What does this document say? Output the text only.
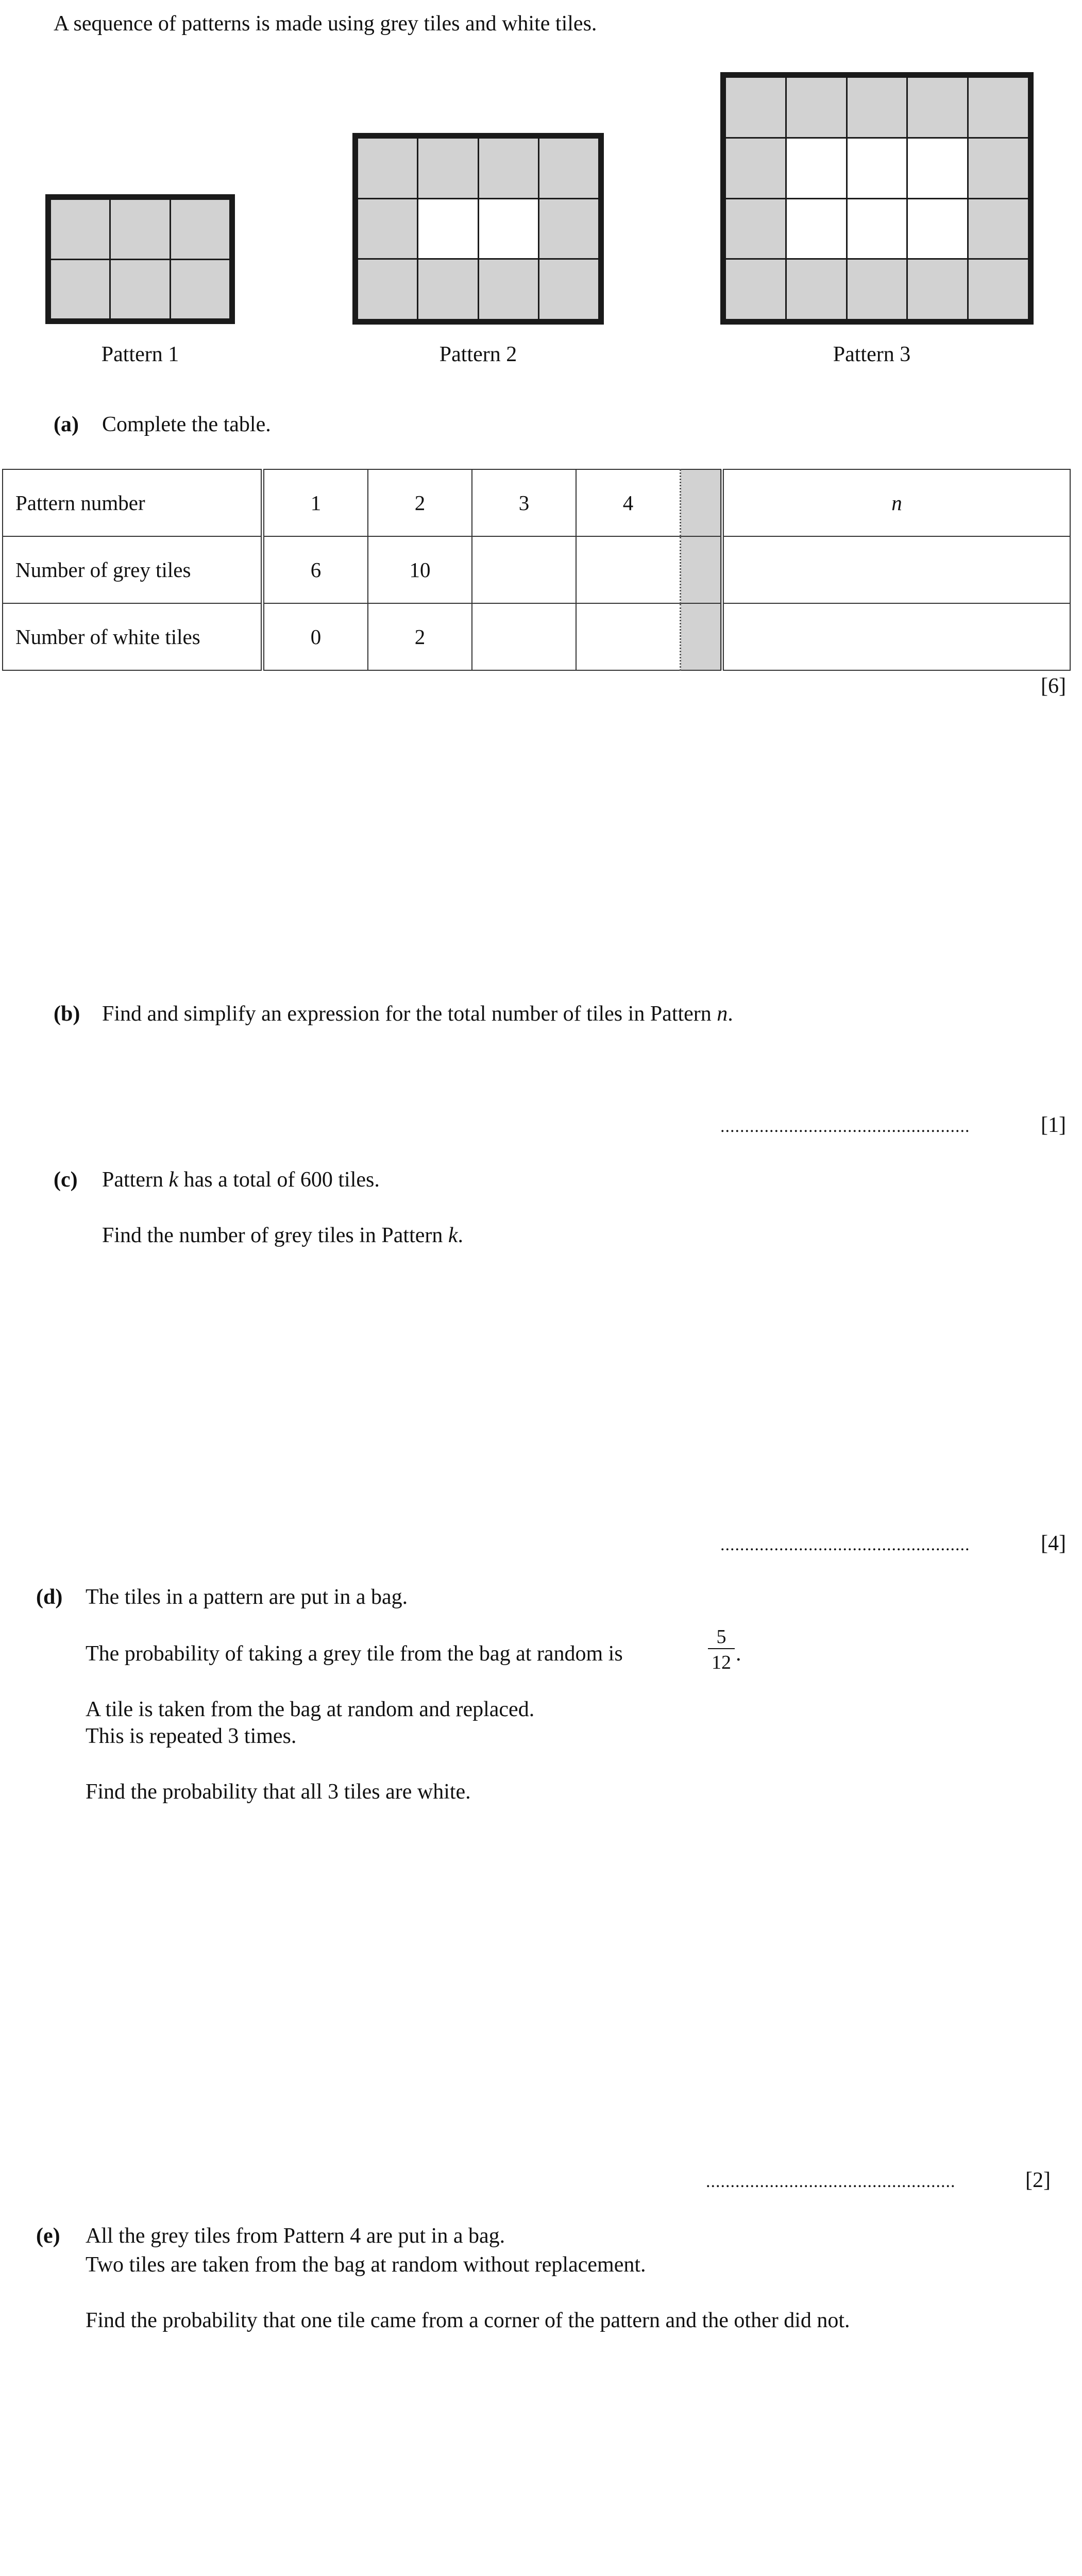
A sequence of patterns is made using grey tiles and white tiles.
Pattern 1	Pattern 2	Pattern 3
(a) Complete the table.
Pattern number	1	2	3	4		n
Number of grey tiles	6	10				
Number of white tiles	0	2				
[6]
(b) Find and simplify an expression for the total number of tiles in Pattern n.
...................................................	[1]
(c) Pattern k has a total of 600 tiles.
Find the number of grey tiles in Pattern k.
...................................................	[4]
(d) The tiles in a pattern are put in a bag.
The probability of taking a grey tile from the bag at random is
5
12 .
A tile is taken from the bag at random and replaced.
This is repeated 3 times.
Find the probability that all 3 tiles are white.
...................................................	[2]
(e) All the grey tiles from Pattern 4 are put in a bag.
Two tiles are taken from the bag at random without replacement.
Find the probability that one tile came from a corner of the pattern and the other did not.
